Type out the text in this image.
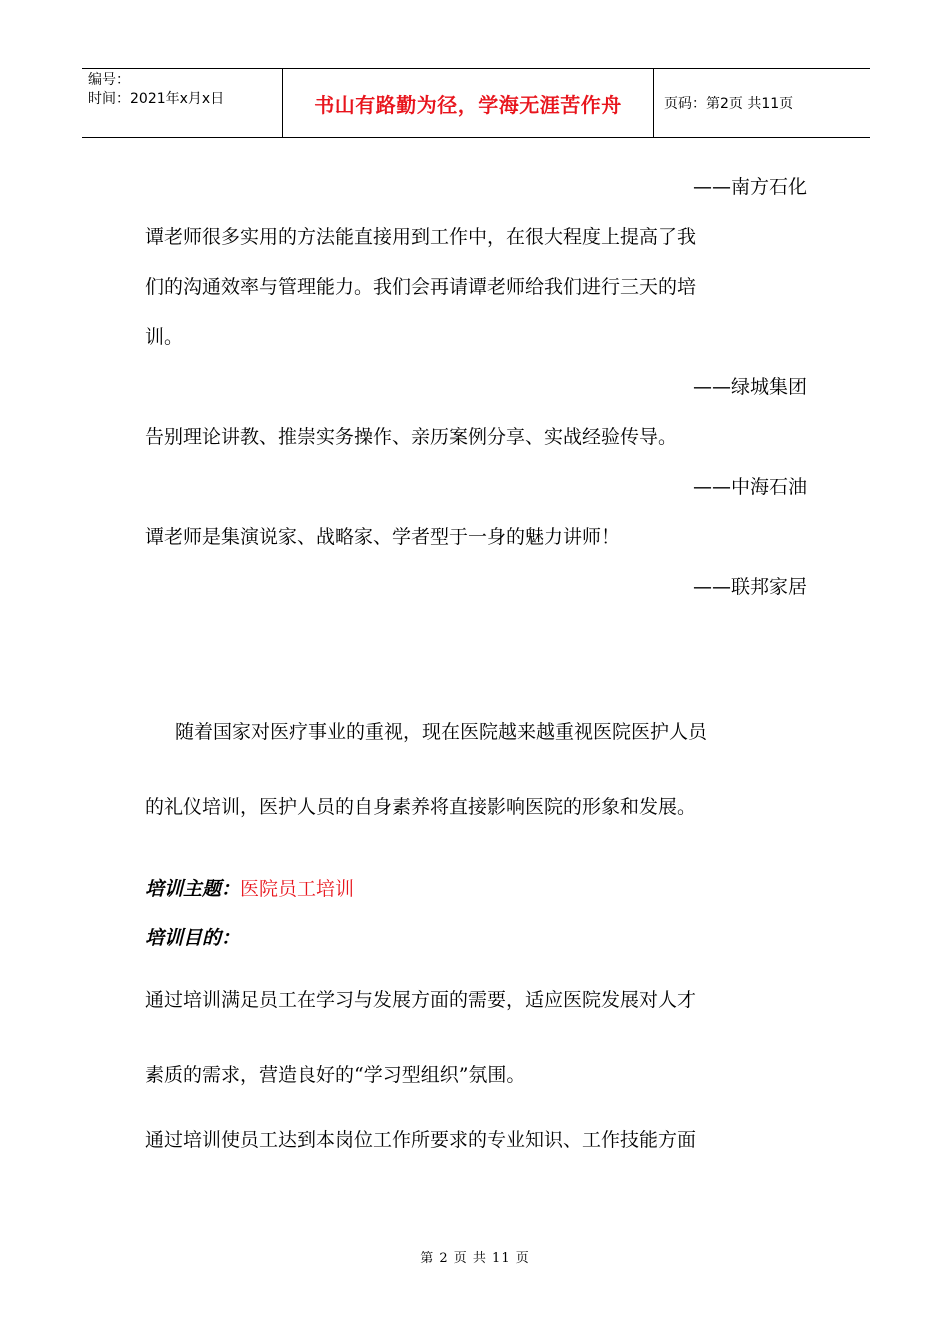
编号：
时间：2021年x月x日	书山有路勤为径，学海无涯苦作舟	页码：第2页 共11页
——南方石化
谭老师很多实用的方法能直接用到工作中，在很大程度上提高了我
们的沟通效率与管理能力。我们会再请谭老师给我们进行三天的培
训。
——绿城集团
告别理论讲教、推崇实务操作、亲历案例分享、实战经验传导。
——中海石油
谭老师是集演说家、战略家、学者型于一身的魅力讲师！
——联邦家居
随着国家对医疗事业的重视，现在医院越来越重视医院医护人员
的礼仪培训，医护人员的自身素养将直接影响医院的形象和发展。
培训主题：医院员工培训
培训目的：
通过培训满足员工在学习与发展方面的需要，适应医院发展对人才
素质的需求，营造良好的“学习型组织”氛围。
通过培训使员工达到本岗位工作所要求的专业知识、工作技能方面
第 2 页 共 11 页
